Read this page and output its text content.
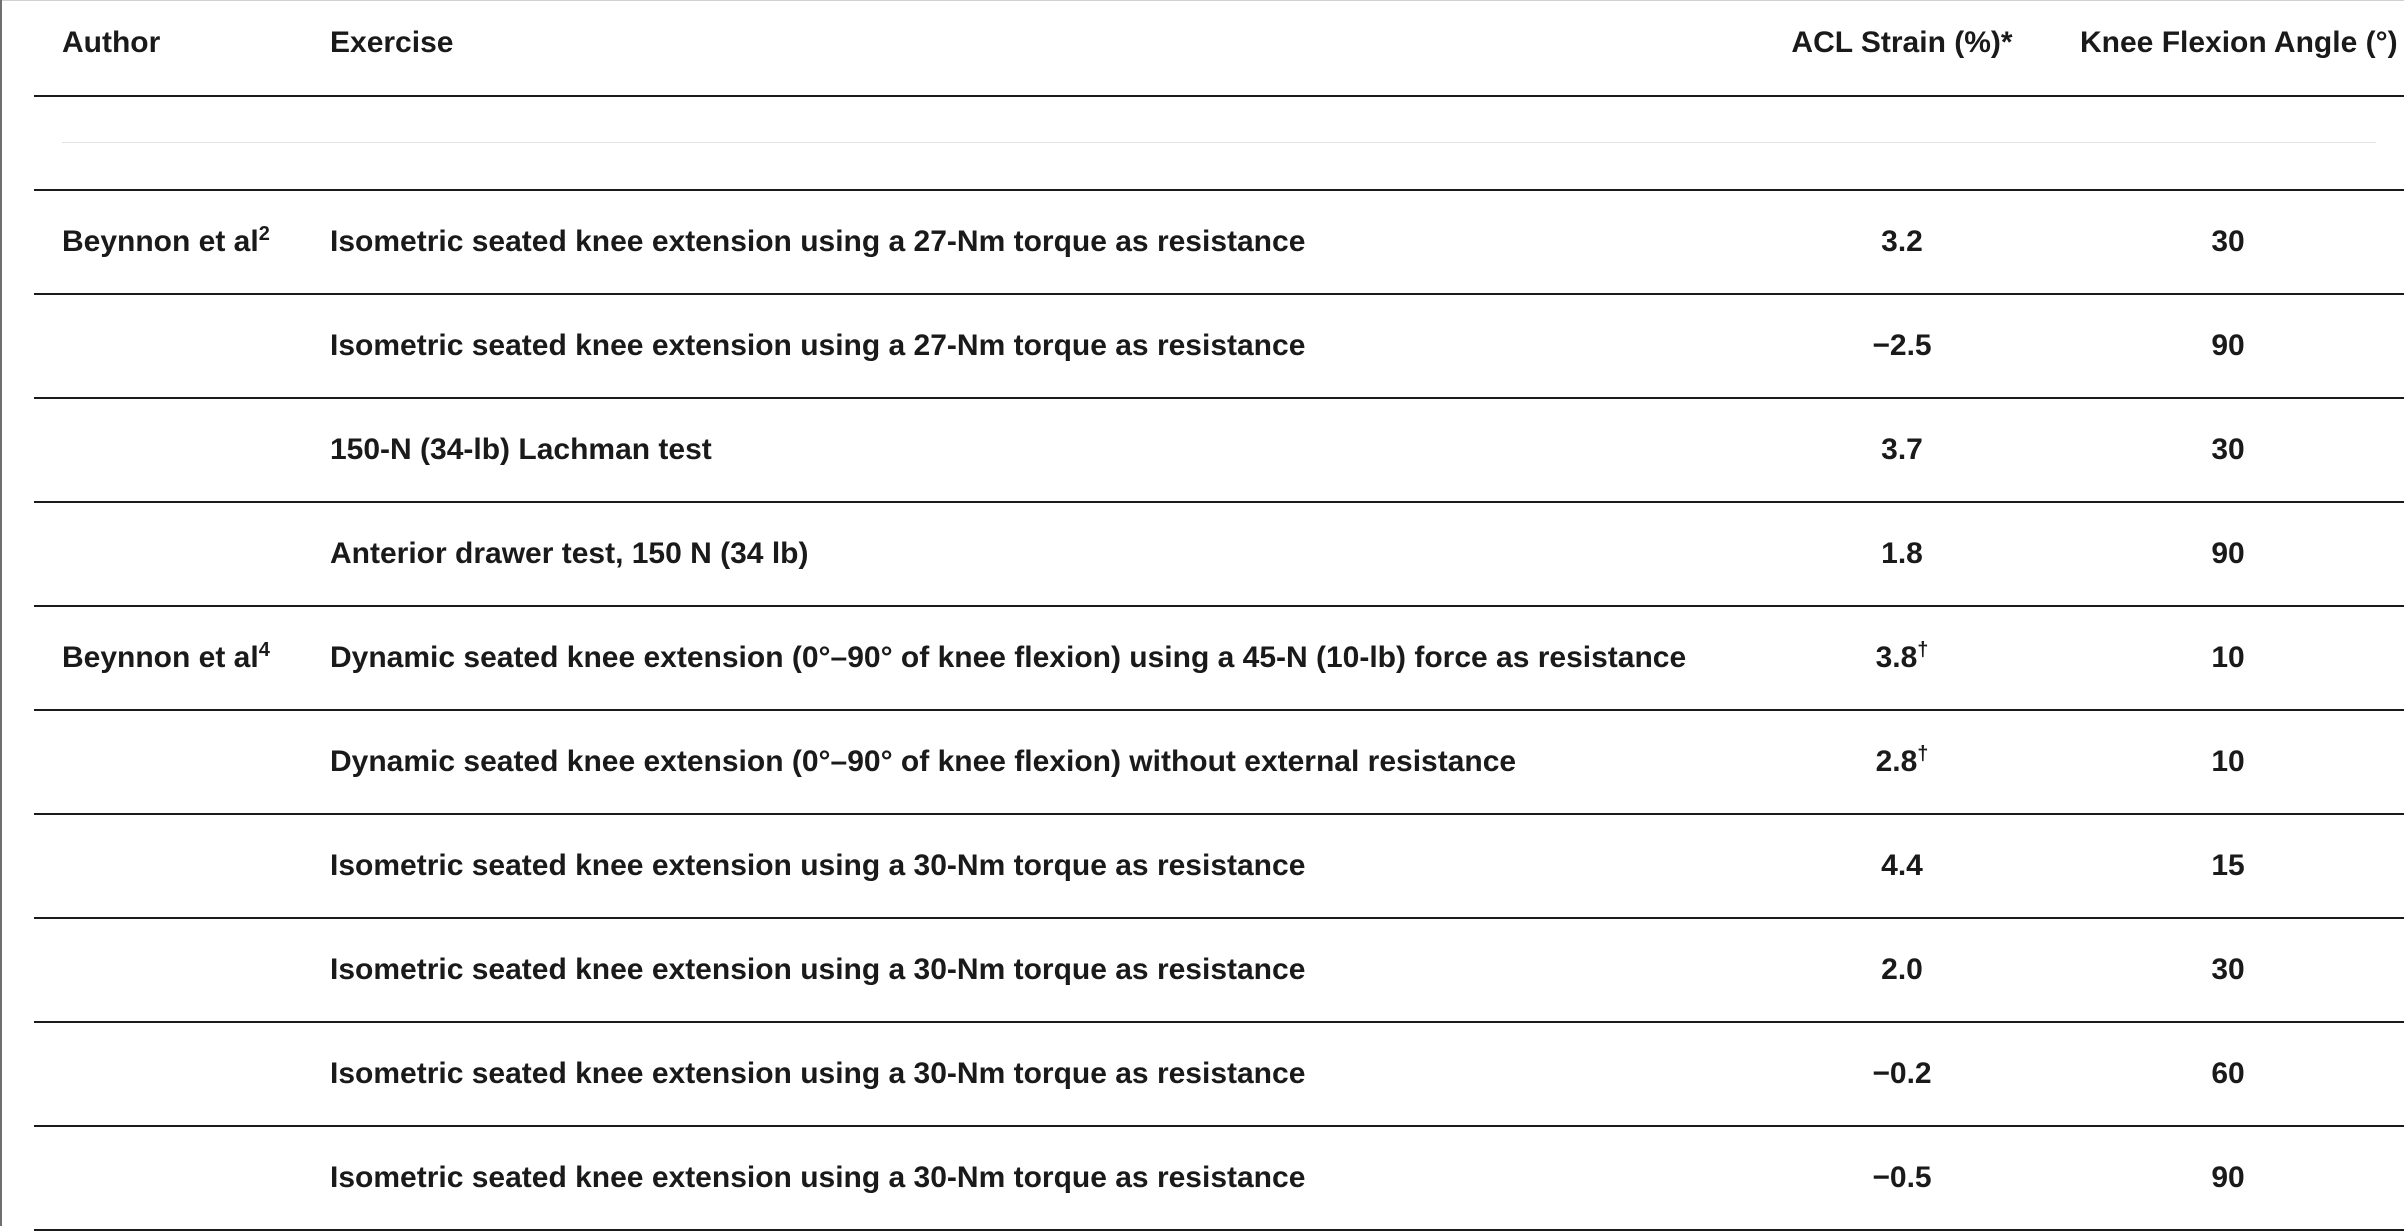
Author	Exercise	ACL Strain (%)*	Knee Flexion Angle (°)

Beynnon et $al^2$	Isometric seated knee extension using a 27-Nm torque as resistance	3.2	30
	Isometric seated knee extension using a 27-Nm torque as resistance	−2.5	90
	150-N (34-lb) Lachman test	3.7	30
	Anterior drawer test, 150 N (34 lb)	1.8	90
Beynnon et $al^4$	Dynamic seated knee extension (0°–90° of knee flexion) using a 45-N (10-lb) force as resistance	3.8†	10
	Dynamic seated knee extension (0°–90° of knee flexion) without external resistance	2.8†	10
	Isometric seated knee extension using a 30-Nm torque as resistance	4.4	15
	Isometric seated knee extension using a 30-Nm torque as resistance	2.0	30
	Isometric seated knee extension using a 30-Nm torque as resistance	−0.2	60
	Isometric seated knee extension using a 30-Nm torque as resistance	−0.5	90
